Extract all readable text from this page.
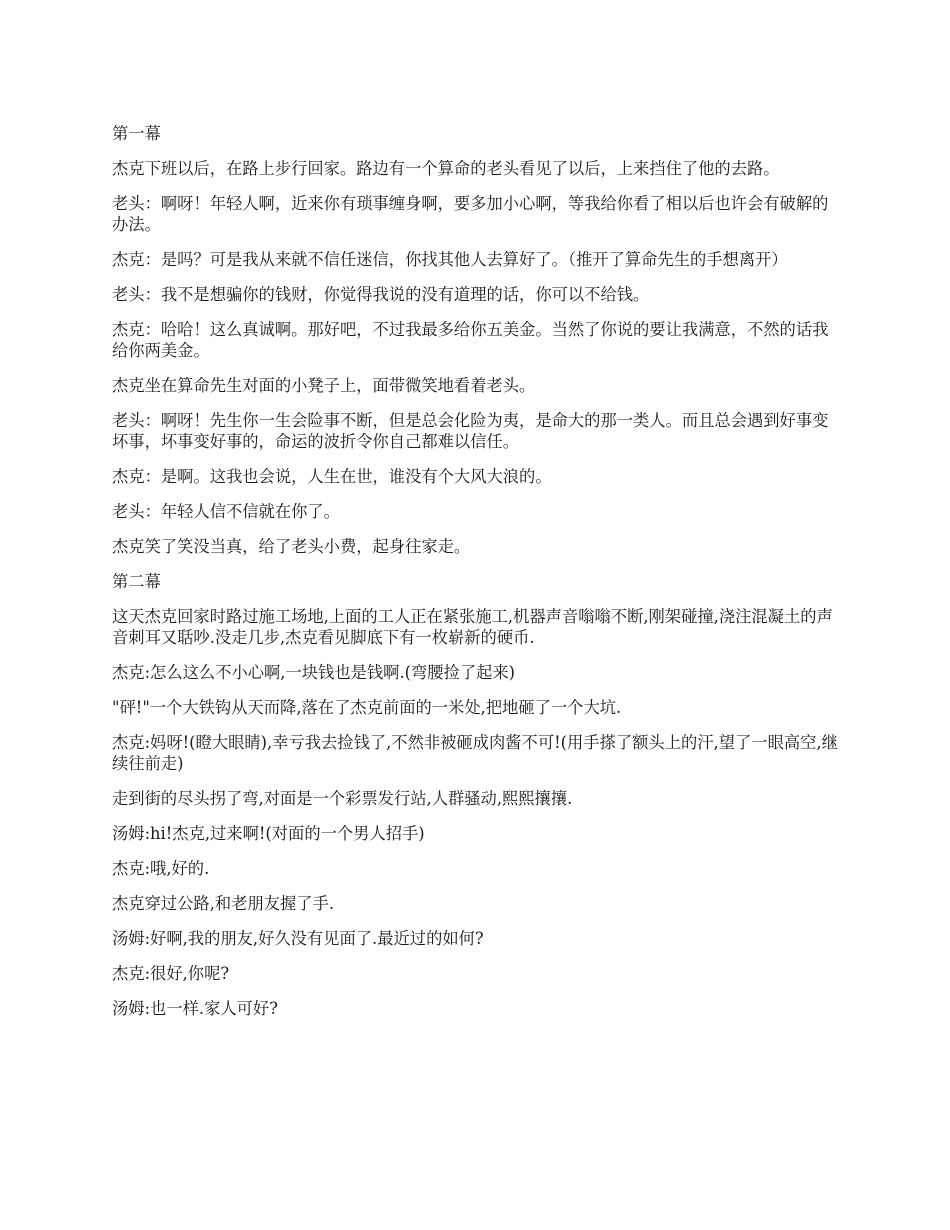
第一幕

杰克下班以后，在路上步行回家。路边有一个算命的老头看见了以后，上来挡住了他的去路。

老头：啊呀！年轻人啊，近来你有琐事缠身啊，要多加小心啊，等我给你看了相以后也许会有破解的办法。

杰克：是吗？可是我从来就不信任迷信，你找其他人去算好了。（推开了算命先生的手想离开）

老头：我不是想骗你的钱财，你觉得我说的没有道理的话，你可以不给钱。

杰克：哈哈！这么真诚啊。那好吧，不过我最多给你五美金。当然了你说的要让我满意，不然的话我给你两美金。

杰克坐在算命先生对面的小凳子上，面带微笑地看着老头。

老头：啊呀！先生你一生会险事不断，但是总会化险为夷，是命大的那一类人。而且总会遇到好事变坏事，坏事变好事的，命运的波折令你自己都难以信任。

杰克：是啊。这我也会说，人生在世，谁没有个大风大浪的。

老头：年轻人信不信就在你了。

杰克笑了笑没当真，给了老头小费，起身往家走。

第二幕

这天杰克回家时路过施工场地,上面的工人正在紧张施工,机器声音嗡嗡不断,刚架碰撞,浇注混凝土的声音刺耳又聒吵.没走几步,杰克看见脚底下有一枚崭新的硬币.

杰克:怎么这么不小心啊,一块钱也是钱啊.(弯腰捡了起来)

"砰!"一个大铁钩从天而降,落在了杰克前面的一米处,把地砸了一个大坑.

杰克:妈呀!(瞪大眼睛),幸亏我去捡钱了,不然非被砸成肉酱不可!(用手搽了额头上的汗,望了一眼高空,继续往前走)

走到街的尽头拐了弯,对面是一个彩票发行站,人群骚动,熙熙攘攘.

汤姆:hi!杰克,过来啊!(对面的一个男人招手)

杰克:哦,好的.

杰克穿过公路,和老朋友握了手.

汤姆:好啊,我的朋友,好久没有见面了.最近过的如何?

杰克:很好,你呢?

汤姆:也一样.家人可好?
